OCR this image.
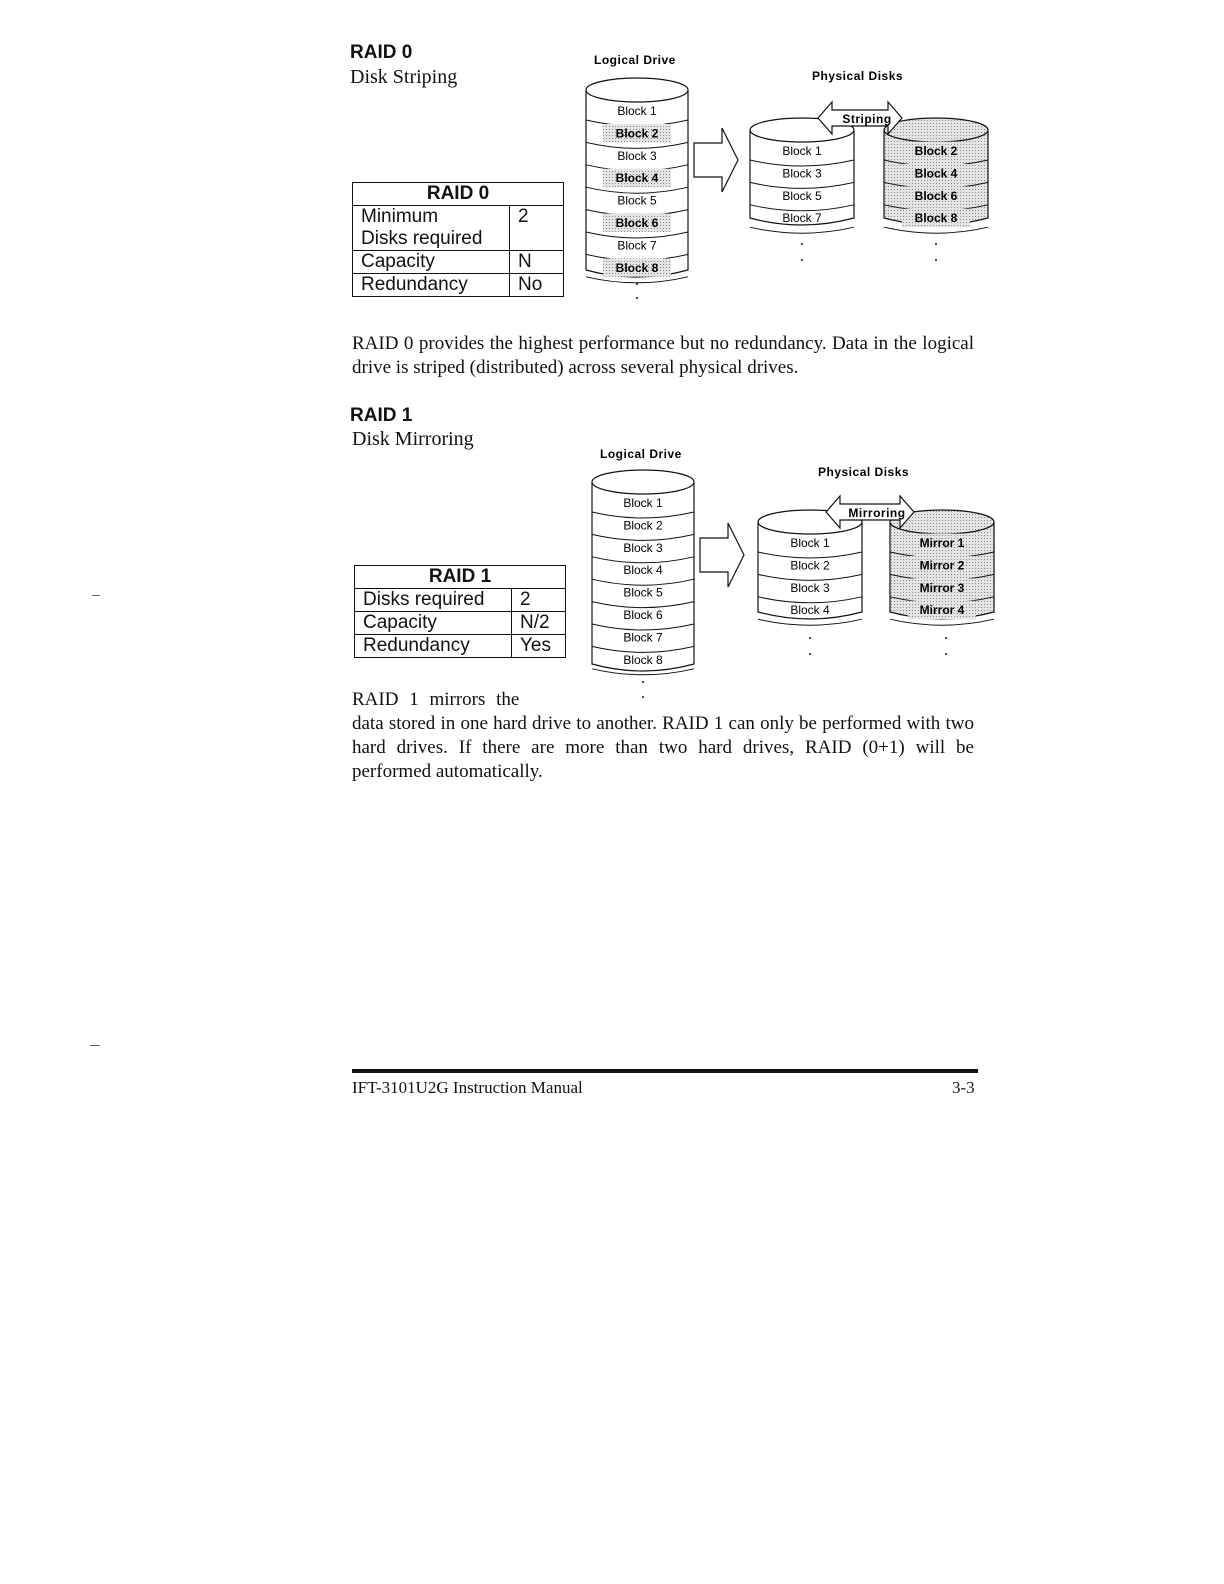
RAID 0
Disk Striping
RAID 0	
Minimum
Disks required	2
Capacity	N
Redundancy	No
Logical Drive
Physical Disks
Block 1
Block 2
Block 3
Block 4
Block 5
Block 6
Block 7
Block 8
Block 1
Block 3
Block 5
Block 7
Block 2
Block 4
Block 6
Block 8
Striping
RAID 0 provides the highest performance but no redundancy. Data in the logical drive is striped (distributed) across several physical drives.
RAID 1
Disk Mirroring
RAID 1	
Disks required	2
Capacity	N/2
Redundancy	Yes
Logical Drive
Physical Disks
Block 1
Block 2
Block 3
Block 4
Block 5
Block 6
Block 7
Block 8
Block 1
Block 2
Block 3
Block 4
Mirror 1
Mirror 2
Mirror 3
Mirror 4
Mirroring
RAID 1 mirrors the
data stored in one hard drive to another. RAID 1 can only be performed with two hard drives. If there are more than two hard drives, RAID (0+1) will be performed automatically.
IFT-3101U2G Instruction Manual	3-3
